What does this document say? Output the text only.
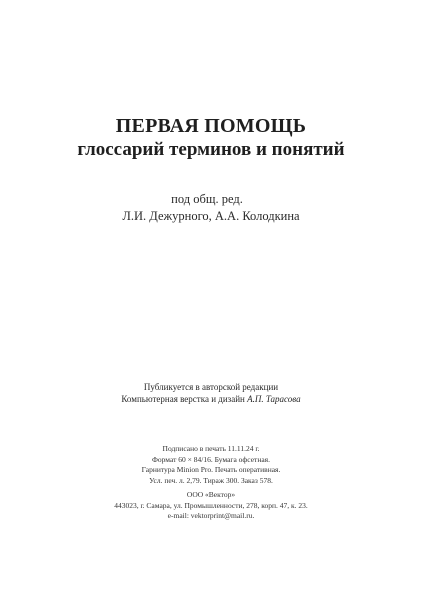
ПЕРВАЯ ПОМОЩЬ
глоссарий терминов и понятий
под общ. ред.
Л.И. Дежурного, А.А. Колодкина
Публикуется в авторской редакции
Компьютерная верстка и дизайн А.П. Тарасова
Подписано в печать 11.11.24 г.
Формат 60 × 84/16. Бумага офсетная.
Гарнитура Minion Pro. Печать оперативная.
Усл. печ. л. 2,79. Тираж 300. Заказ 578.
ООО «Вектор»
443023, г. Самара, ул. Промышленности, 278, корп. 47, к. 23.
e-mail: vektorprint@mail.ru.
